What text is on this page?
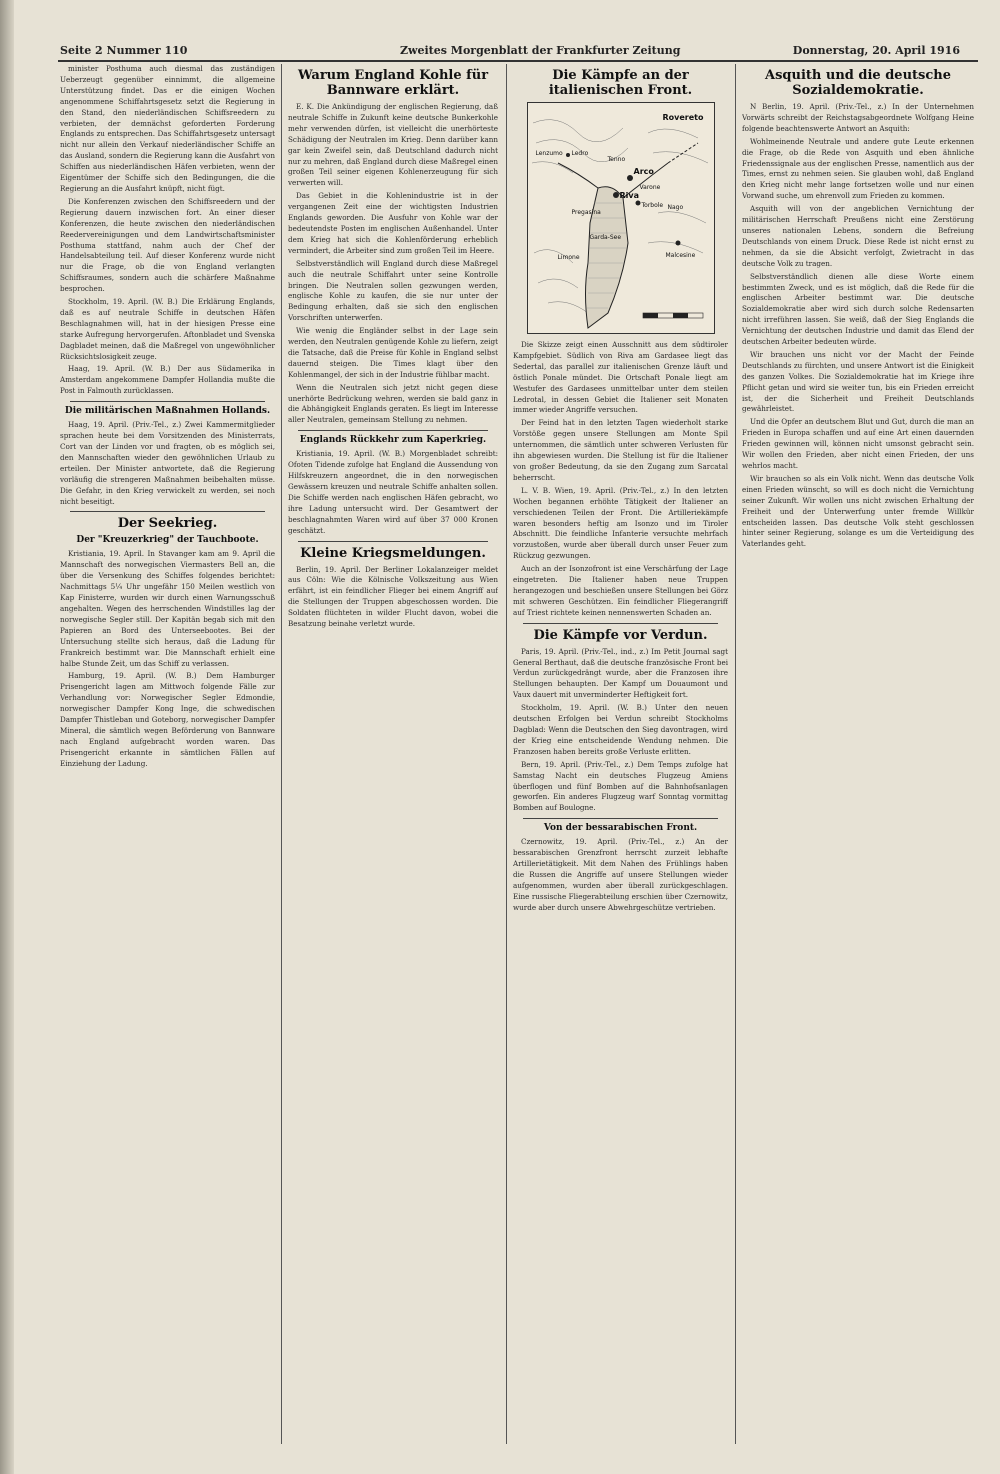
Seite 2 Nummer 110	Zweites Morgenblatt der Frankfurter Zeitung	Donnerstag, 20. April 1916

minister Posthuma auch diesmal das zuständigen Ueberzeugt gegenüber einnimmt, die allgemeine Unterstützung findet. Das er die einigen Wochen angenommene Schiffahrtsgesetz setzt die Regierung in den Stand, den niederländischen Schiffsreedern zu verbieten, der demnächst geforderten Forderung Englands zu entsprechen. Das Schiffahrtsgesetz untersagt nicht nur allein den Verkauf niederländischer Schiffe an das Ausland, sondern die Regierung kann die Ausfahrt von Schiffen aus niederländischen Häfen verbieten, wenn der Eigentümer der Schiffe sich den Bedingungen, die die Regierung an die Ausfahrt knüpft, nicht fügt.

Die Konferenzen zwischen den Schiffsreedern und der Regierung dauern inzwischen fort. An einer dieser Konferenzen, die heute zwischen den niederländischen Reedervereinigungen und dem Landwirtschaftsminister Posthuma stattfand, nahm auch der Chef der Handelsabteilung teil. Auf dieser Konferenz wurde nicht nur die Frage, ob die von England verlangten Schiffsraumes, sondern auch die schärfere Maßnahme besprochen.

Stockholm, 19. April. (W. B.) Die Erklärung Englands, daß es auf neutrale Schiffe in deutschen Häfen Beschlagnahmen will, hat in der hiesigen Presse eine starke Aufregung hervorgerufen. Aftonbladet und Svenska Dagbladet meinen, daß die Maßregel von ungewöhnlicher Rücksichtslosigkeit zeuge.

Haag, 19. April. (W. B.) Der aus Südamerika in Amsterdam angekommene Dampfer Hollandia mußte die Post in Falmouth zurücklassen.

Die militärischen Maßnahmen Hollands.

Haag, 19. April. (Priv.-Tel., z.) Zwei Kammermitglieder sprachen heute bei dem Vorsitzenden des Ministerrats, Cort van der Linden vor und fragten, ob es möglich sei, den Mannschaften wieder den gewöhnlichen Urlaub zu erteilen. Der Minister antwortete, daß die Regierung vorläufig die strengeren Maßnahmen beibehalten müsse. Die Gefahr, in den Krieg verwickelt zu werden, sei noch nicht beseitigt.

Der Seekrieg.
Der "Kreuzerkrieg" der Tauchboote.

Kristiania, 19. April. In Stavanger kam am 9. April die Mannschaft des norwegischen Viermasters Bell an, die über die Versenkung des Schiffes folgendes berichtet: Nachmittags 5¼ Uhr ungefähr 150 Meilen westlich von Kap Finisterre, wurden wir durch einen Warnungsschuß angehalten. Wegen des herrschenden Windstilles lag der norwegische Segler still. Der Kapitän begab sich mit den Papieren an Bord des Unterseebootes. Bei der Untersuchung stellte sich heraus, daß die Ladung für Frankreich bestimmt war. Die Mannschaft erhielt eine halbe Stunde Zeit, um das Schiff zu verlassen.

Hamburg, 19. April. (W. B.) Dem Hamburger Prisengericht lagen am Mittwoch folgende Fälle zur Verhandlung vor: Norwegischer Segler Edmondie, norwegischer Dampfer Kong Inge, die schwedischen Dampfer Thistleban und Goteborg, norwegischer Dampfer Mineral, die sämtlich wegen Beförderung von Bannware nach England aufgebracht worden waren. Das Prisengericht erkannte in sämtlichen Fällen auf Einziehung der Ladung.

Warum England Kohle für Bannware erklärt.

E. K. Die Ankündigung der englischen Regierung, daß neutrale Schiffe in Zukunft keine deutsche Bunkerkohle mehr verwenden dürfen, ist vielleicht die unerhörteste Schädigung der Neutralen im Krieg. Denn darüber kann gar kein Zweifel sein, daß Deutschland dadurch nicht nur zu mehren, daß England durch diese Maßregel einen großen Teil seiner eigenen Kohlenerzeugung für sich verwerten will.

Das Gebiet in die Kohlenindustrie ist in der vergangenen Zeit eine der wichtigsten Industrien Englands geworden. Die Ausfuhr von Kohle war der bedeutendste Posten im englischen Außenhandel. Unter dem Krieg hat sich die Kohlenförderung erheblich vermindert, die Arbeiter sind zum großen Teil im Heere.

Selbstverständlich will England durch diese Maßregel auch die neutrale Schiffahrt unter seine Kontrolle bringen. Die Neutralen sollen gezwungen werden, englische Kohle zu kaufen, die sie nur unter der Bedingung erhalten, daß sie sich den englischen Vorschriften unterwerfen.

Wie wenig die Engländer selbst in der Lage sein werden, den Neutralen genügende Kohle zu liefern, zeigt die Tatsache, daß die Preise für Kohle in England selbst dauernd steigen. Die Times klagt über den Kohlenmangel, der sich in der Industrie fühlbar macht.

Wenn die Neutralen sich jetzt nicht gegen diese unerhörte Bedrückung wehren, werden sie bald ganz in die Abhängigkeit Englands geraten. Es liegt im Interesse aller Neutralen, gemeinsam Stellung zu nehmen.

Englands Rückkehr zum Kaperkrieg.

Kristiania, 19. April. (W. B.) Morgenbladet schreibt: Ofoten Tidende zufolge hat England die Aussendung von Hilfskreuzern angeordnet, die in den norwegischen Gewässern kreuzen und neutrale Schiffe anhalten sollen. Die Schiffe werden nach englischen Häfen gebracht, wo ihre Ladung untersucht wird. Der Gesamtwert der beschlagnahmten Waren wird auf über 37 000 Kronen geschätzt.

Kleine Kriegsmeldungen.

Berlin, 19. April. Der Berliner Lokalanzeiger meldet aus Cöln: Wie die Kölnische Volkszeitung aus Wien erfährt, ist ein feindlicher Flieger bei einem Angriff auf die Stellungen der Truppen abgeschossen worden. Die Soldaten flüchteten in wilder Flucht davon, wobei die Besatzung beinahe verletzt wurde.

Die Kämpfe an der italienischen Front.
Arco
Riva
Rovereto
Torbole
Lenzumo Ledro
Nago
Limone	Malcesine
Garda-See
Pregasina
Tenno
Varone

Die Skizze zeigt einen Ausschnitt aus dem südtiroler Kampfgebiet. Südlich von Riva am Gardasee liegt das Sedertal, das parallel zur italienischen Grenze läuft und östlich Ponale mündet. Die Ortschaft Ponale liegt am Westufer des Gardasees unmittelbar unter dem steilen Ledrotal, in dessen Gebiet die Italiener seit Monaten immer wieder Angriffe versuchen.

Der Feind hat in den letzten Tagen wiederholt starke Vorstöße gegen unsere Stellungen am Monte Spil unternommen, die sämtlich unter schweren Verlusten für ihn abgewiesen wurden. Die Stellung ist für die Italiener von großer Bedeutung, da sie den Zugang zum Sarcatal beherrscht.

L. V. B. Wien, 19. April. (Priv.-Tel., z.) In den letzten Wochen begannen erhöhte Tätigkeit der Italiener an verschiedenen Teilen der Front. Die Artilleriekämpfe waren besonders heftig am Isonzo und im Tiroler Abschnitt. Die feindliche Infanterie versuchte mehrfach vorzustoßen, wurde aber überall durch unser Feuer zum Rückzug gezwungen.

Auch an der Isonzofront ist eine Verschärfung der Lage eingetreten. Die Italiener haben neue Truppen herangezogen und beschießen unsere Stellungen bei Görz mit schweren Geschützen. Ein feindlicher Fliegerangriff auf Triest richtete keinen nennenswerten Schaden an.

Die Kämpfe vor Verdun.

Paris, 19. April. (Priv.-Tel., ind., z.) Im Petit Journal sagt General Berthaut, daß die deutsche französische Front bei Verdun zurückgedrängt wurde, aber die Franzosen ihre Stellungen behaupten. Der Kampf um Douaumont und Vaux dauert mit unverminderter Heftigkeit fort.

Stockholm, 19. April. (W. B.) Unter den neuen deutschen Erfolgen bei Verdun schreibt Stockholms Dagblad: Wenn die Deutschen den Sieg davontragen, wird der Krieg eine entscheidende Wendung nehmen. Die Franzosen haben bereits große Verluste erlitten.

Bern, 19. April. (Priv.-Tel., z.) Dem Temps zufolge hat Samstag Nacht ein deutsches Flugzeug Amiens überflogen und fünf Bomben auf die Bahnhofsanlagen geworfen. Ein anderes Flugzeug warf Sonntag vormittag Bomben auf Boulogne.

Von der bessarabischen Front.

Czernowitz, 19. April. (Priv.-Tel., z.) An der bessarabischen Grenzfront herrscht zurzeit lebhafte Artillerietätigkeit. Mit dem Nahen des Frühlings haben die Russen die Angriffe auf unsere Stellungen wieder aufgenommen, wurden aber überall zurückgeschlagen. Eine russische Fliegerabteilung erschien über Czernowitz, wurde aber durch unsere Abwehrgeschütze vertrieben.

Asquith und die deutsche Sozialdemokratie.

N Berlin, 19. April. (Priv.-Tel., z.) In der Unternehmen Vorwärts schreibt der Reichstagsabgeordnete Wolfgang Heine folgende beachtenswerte Antwort an Asquith:

Wohlmeinende Neutrale und andere gute Leute erkennen die Frage, ob die Rede von Asquith und eben ähnliche Friedenssignale aus der englischen Presse, namentlich aus der Times, ernst zu nehmen seien. Sie glauben wohl, daß England den Krieg nicht mehr lange fortsetzen wolle und nur einen Vorwand suche, um ehrenvoll zum Frieden zu kommen.

Asquith will von der angeblichen Vernichtung der militärischen Herrschaft Preußens nicht eine Zerstörung unseres nationalen Lebens, sondern die Befreiung Deutschlands von einem Druck. Diese Rede ist nicht ernst zu nehmen, da sie die Absicht verfolgt, Zwietracht in das deutsche Volk zu tragen.

Selbstverständlich dienen alle diese Worte einem bestimmten Zweck, und es ist möglich, daß die Rede für die englischen Arbeiter bestimmt war. Die deutsche Sozialdemokratie aber wird sich durch solche Redensarten nicht irreführen lassen. Sie weiß, daß der Sieg Englands die Vernichtung der deutschen Industrie und damit das Elend der deutschen Arbeiter bedeuten würde.

Wir brauchen uns nicht vor der Macht der Feinde Deutschlands zu fürchten, und unsere Antwort ist die Einigkeit des ganzen Volkes. Die Sozialdemokratie hat im Kriege ihre Pflicht getan und wird sie weiter tun, bis ein Frieden erreicht ist, der die Sicherheit und Freiheit Deutschlands gewährleistet.

Und die Opfer an deutschem Blut und Gut, durch die man an Frieden in Europa schaffen und auf eine Art einen dauernden Frieden gewinnen will, können nicht umsonst gebracht sein. Wir wollen den Frieden, aber nicht einen Frieden, der uns wehrlos macht.

Wir brauchen so als ein Volk nicht. Wenn das deutsche Volk einen Frieden wünscht, so will es doch nicht die Vernichtung seiner Zukunft. Wir wollen uns nicht zwischen Erhaltung der Freiheit und der Unterwerfung unter fremde Willkür entscheiden lassen. Das deutsche Volk steht geschlossen hinter seiner Regierung, solange es um die Verteidigung des Vaterlandes geht.
